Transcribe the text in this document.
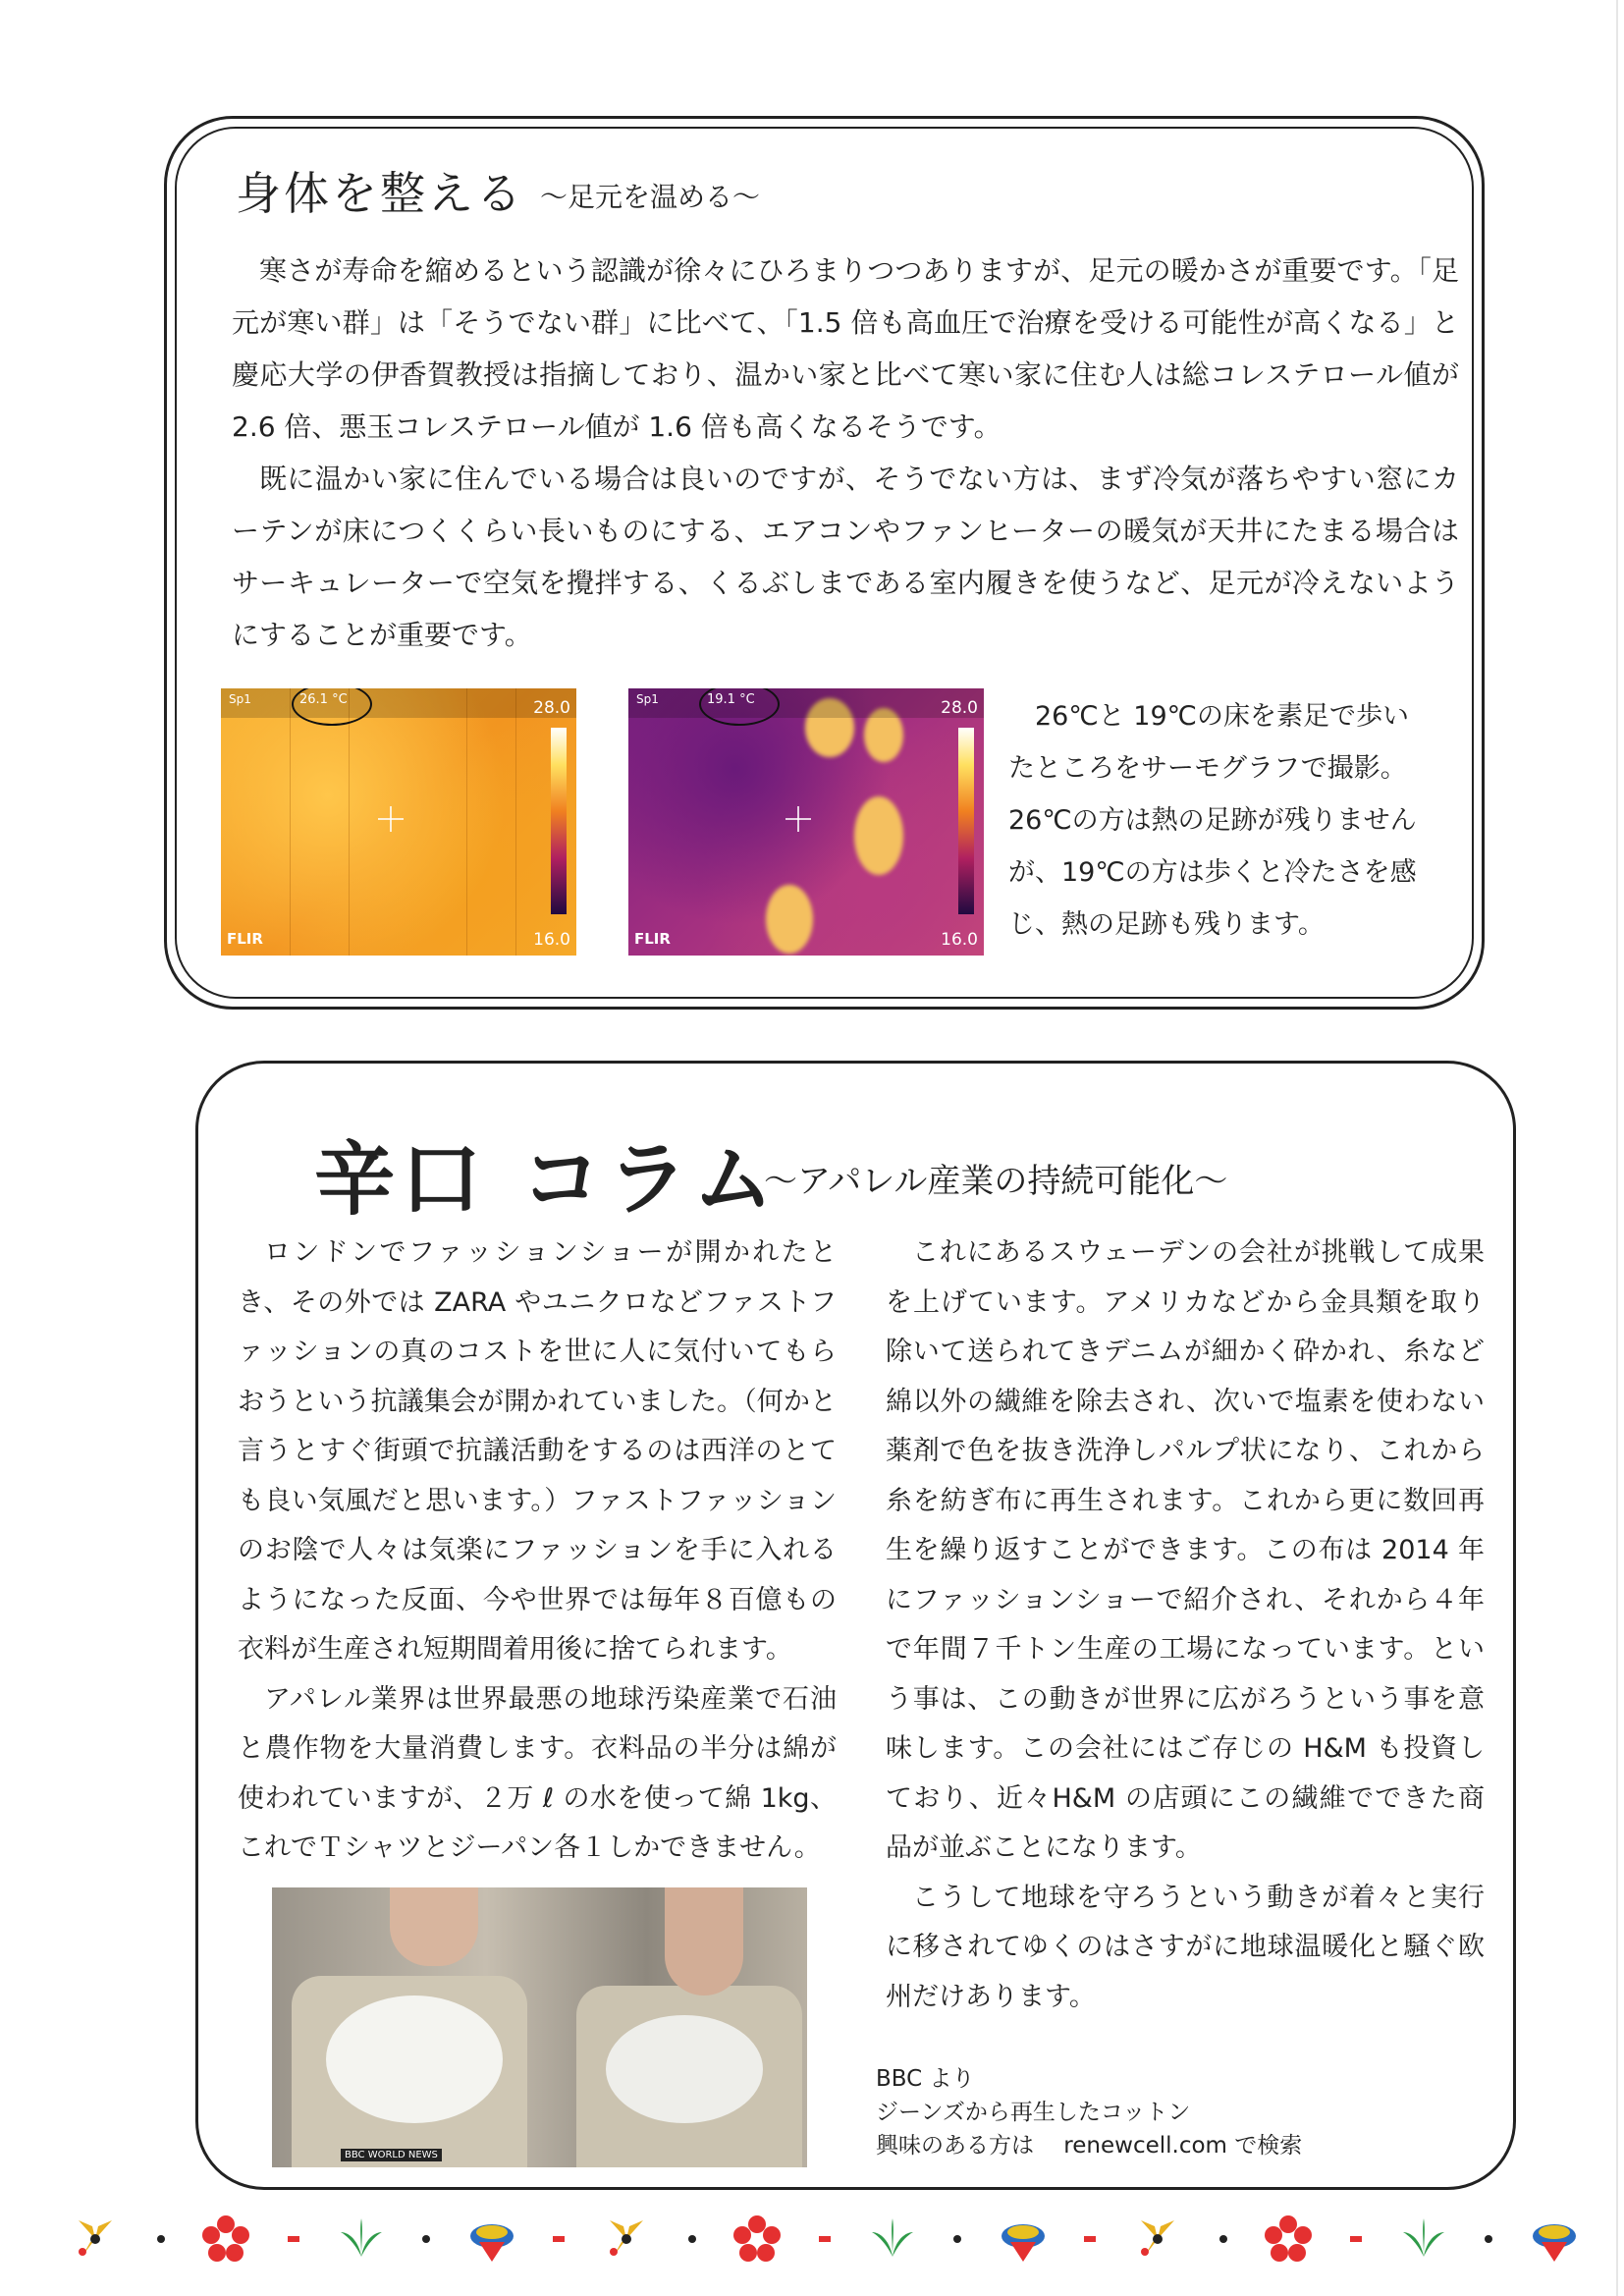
身体を整える ～足元を温める～

寒さが寿命を縮めるという認識が徐々にひろまりつつありますが、足元の暖かさが重要です。「足元が寒い群」は「そうでない群」に比べて、「1.5 倍も高血圧で治療を受ける可能性が高くなる」と慶応大学の伊香賀教授は指摘しており、温かい家と比べて寒い家に住む人は総コレステロール値が 2.6 倍、悪玉コレステロール値が 1.6 倍も高くなるそうです。

既に温かい家に住んでいる場合は良いのですが、そうでない方は、まず冷気が落ちやすい窓にカーテンが床につくくらい長いものにする、エアコンやファンヒーターの暖気が天井にたまる場合はサーキュレーターで空気を攪拌する、くるぶしまである室内履きを使うなど、足元が冷えないようにすることが重要です。

Sp1	26.1 °C	28.0
16.0
FLIR
Sp1	19.1 °C	28.0
16.0
FLIR
26℃と 19℃の床を素足で歩いたところをサーモグラフで撮影。26℃の方は熱の足跡が残りませんが、19℃の方は歩くと冷たさを感じ、熱の足跡も残ります。
辛口 コラム
～アパレル産業の持続可能化～

ロンドンでファッションショーが開かれたとき、その外では ZARA やユニクロなどファストファッションの真のコストを世に人に気付いてもらおうという抗議集会が開かれていました。（何かと言うとすぐ街頭で抗議活動をするのは西洋のとても良い気風だと思います。）ファストファッションのお陰で人々は気楽にファッションを手に入れるようになった反面、今や世界では毎年８百億もの衣料が生産され短期間着用後に捨てられます。

アパレル業界は世界最悪の地球汚染産業で石油と農作物を大量消費します。衣料品の半分は綿が使われていますが、２万 ℓ の水を使って綿 1kg、これでＴシャツとジーパン各１しかできません。

これにあるスウェーデンの会社が挑戦して成果を上げています。アメリカなどから金具類を取り除いて送られてきデニムが細かく砕かれ、糸など綿以外の繊維を除去され、次いで塩素を使わない薬剤で色を抜き洗浄しパルプ状になり、これから糸を紡ぎ布に再生されます。これから更に数回再生を繰り返すことができます。この布は 2014 年にファッションショーで紹介され、それから４年で年間７千トン生産の工場になっています。という事は、この動きが世界に広がろうという事を意味します。この会社にはご存じの H&M も投資しており、近々H&M の店頭にこの繊維でできた商品が並ぶことになります。

こうして地球を守ろうという動きが着々と実行に移されてゆくのはさすがに地球温暖化と騒ぐ欧州だけあります。

BBC WORLD NEWS
BBC より
ジーンズから再生したコットン
興味のある方は　 renewcell.com で検索
